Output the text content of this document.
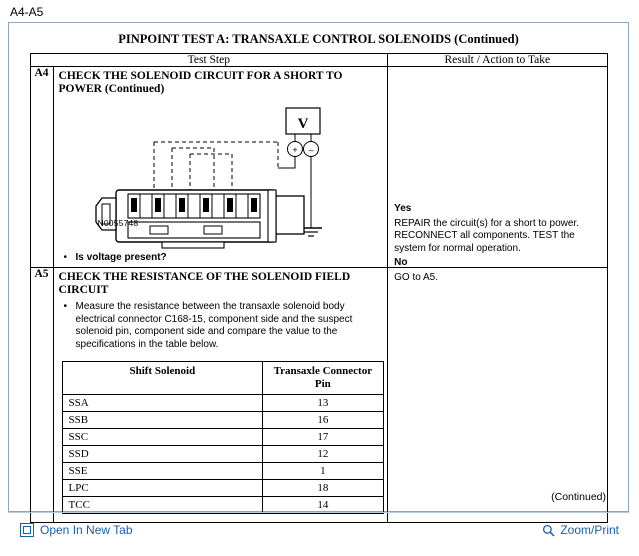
A4-A5
PINPOINT TEST A: TRANSAXLE CONTROL SOLENOIDS (Continued)
Test Step	Result / Action to Take
A4	CHECK THE SOLENOID CIRCUIT FOR A SHORT TO POWER (Continued)
V
+ –
N0055748
• Is voltage present?

Yes

REPAIR the circuit(s) for a short to power. RECONNECT all components. TEST the system for normal operation.

No

GO to A5.

A5	CHECK THE RESISTANCE OF THE SOLENOID FIELD CIRCUIT
• Measure the resistance between the transaxle solenoid body electrical connector C168-15, component side and the suspect solenoid pin, component side and compare the value to the specifications in the table below.
Shift Solenoid	Transaxle Connector Pin
SSA	13
SSB	16
SSC	17
SSD	12
SSE	1
LPC	18
TCC	14

(Continued)
Open In New Tab	Zoom/Print
